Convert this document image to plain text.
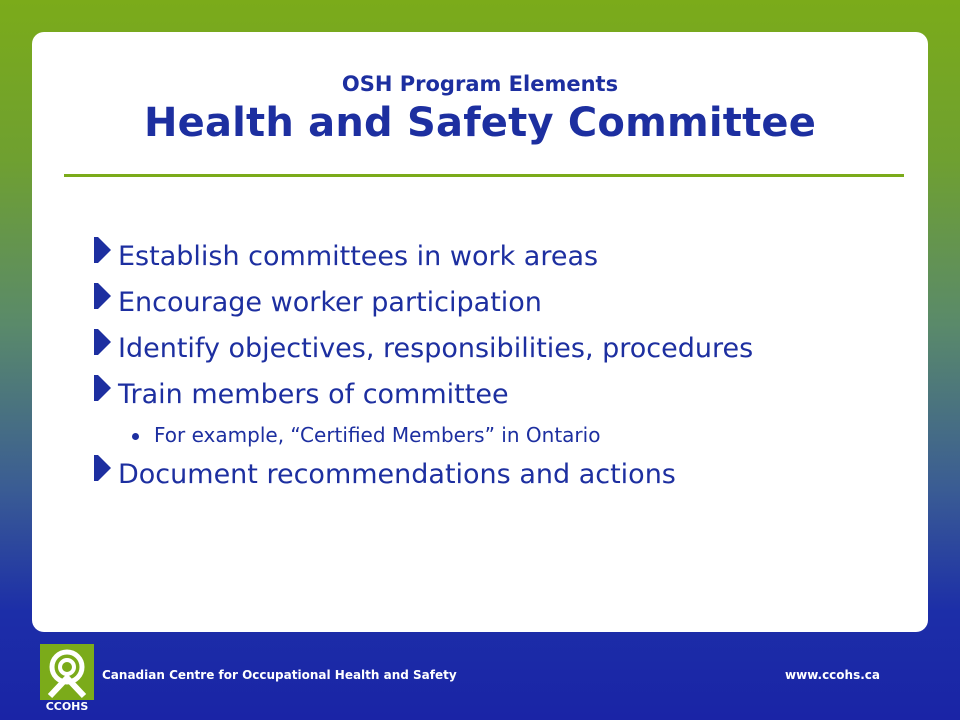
OSH Program Elements
Health and Safety Committee
Establish committees in work areas
Encourage worker participation
Identify objectives, responsibilities, procedures
Train members of committee
For example, “Certified Members” in Ontario
Document recommendations and actions
CCOHS
Canadian Centre for Occupational Health and Safety	www.ccohs.ca
